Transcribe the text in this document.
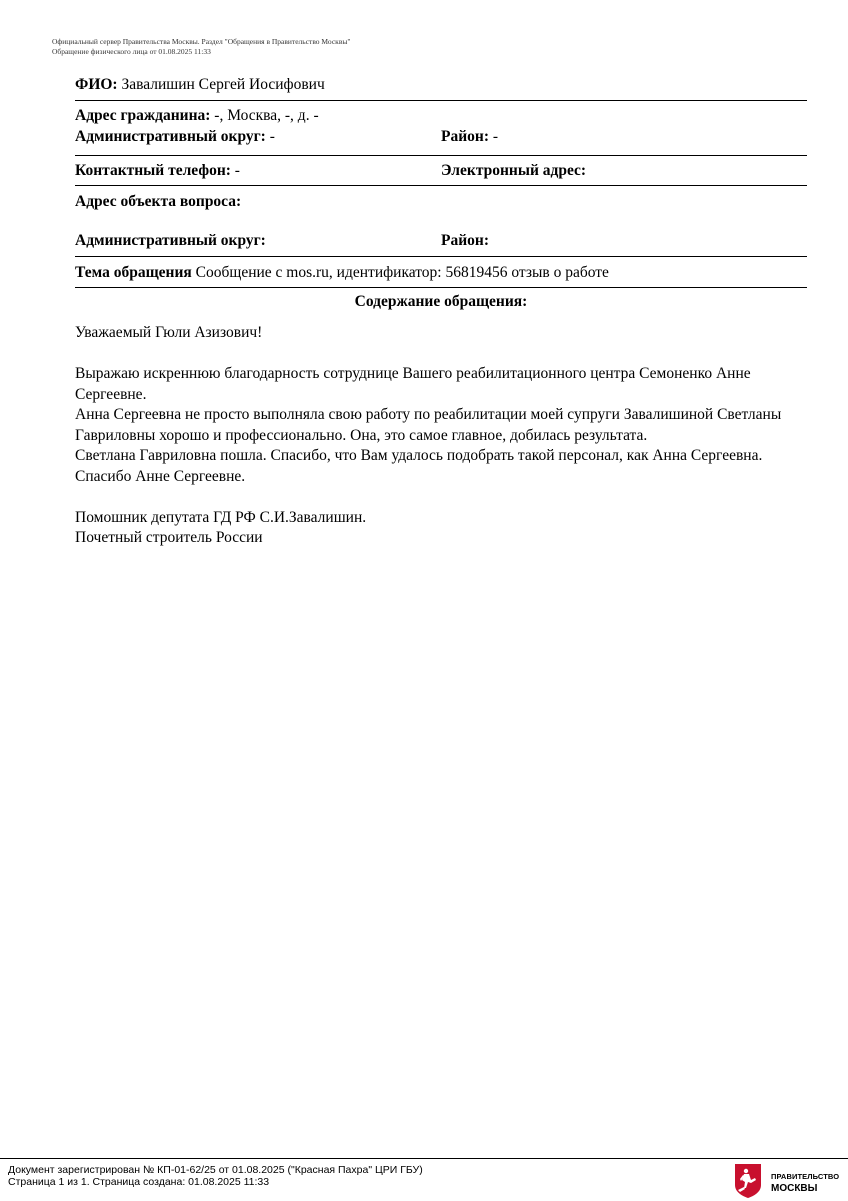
Официальный сервер Правительства Москвы. Раздел "Обращения в Правительство Москвы"
Обращение физического лица от 01.08.2025 11:33
ФИО: Завалишин Сергей Иосифович
Адрес гражданина: -, Москва, -, д. -
Административный округ: -	Район: -
Контактный телефон: -	Электронный адрес:
Адрес объекта вопроса:
Административный округ:	Район:
Тема обращения Сообщение с mos.ru, идентификатор: 56819456 отзыв о работе
Содержание обращения:

Уважаемый Гюли Азизович!

Выражаю искреннюю благодарность сотруднице Вашего реабилитационного центра Семоненко Анне Сергеевне.

Анна Сергеевна не просто выполняла свою работу по реабилитации моей супруги Завалишиной Светланы Гавриловны хорошо и профессионально. Она, это самое главное, добилась результата.

Светлана Гавриловна пошла. Спасибо, что Вам удалось подобрать такой персонал, как Анна Сергеевна.

Спасибо Анне Сергеевне.

Помошник депутата ГД РФ С.И.Завалишин.

Почетный строитель России

Документ зарегистрирован № КП-01-62/25 от 01.08.2025 ("Красная Пахра" ЦРИ ГБУ)
Страница 1 из 1. Страница создана: 01.08.2025 11:33	ПРАВИТЕЛЬСТВО
МОСКВЫ
